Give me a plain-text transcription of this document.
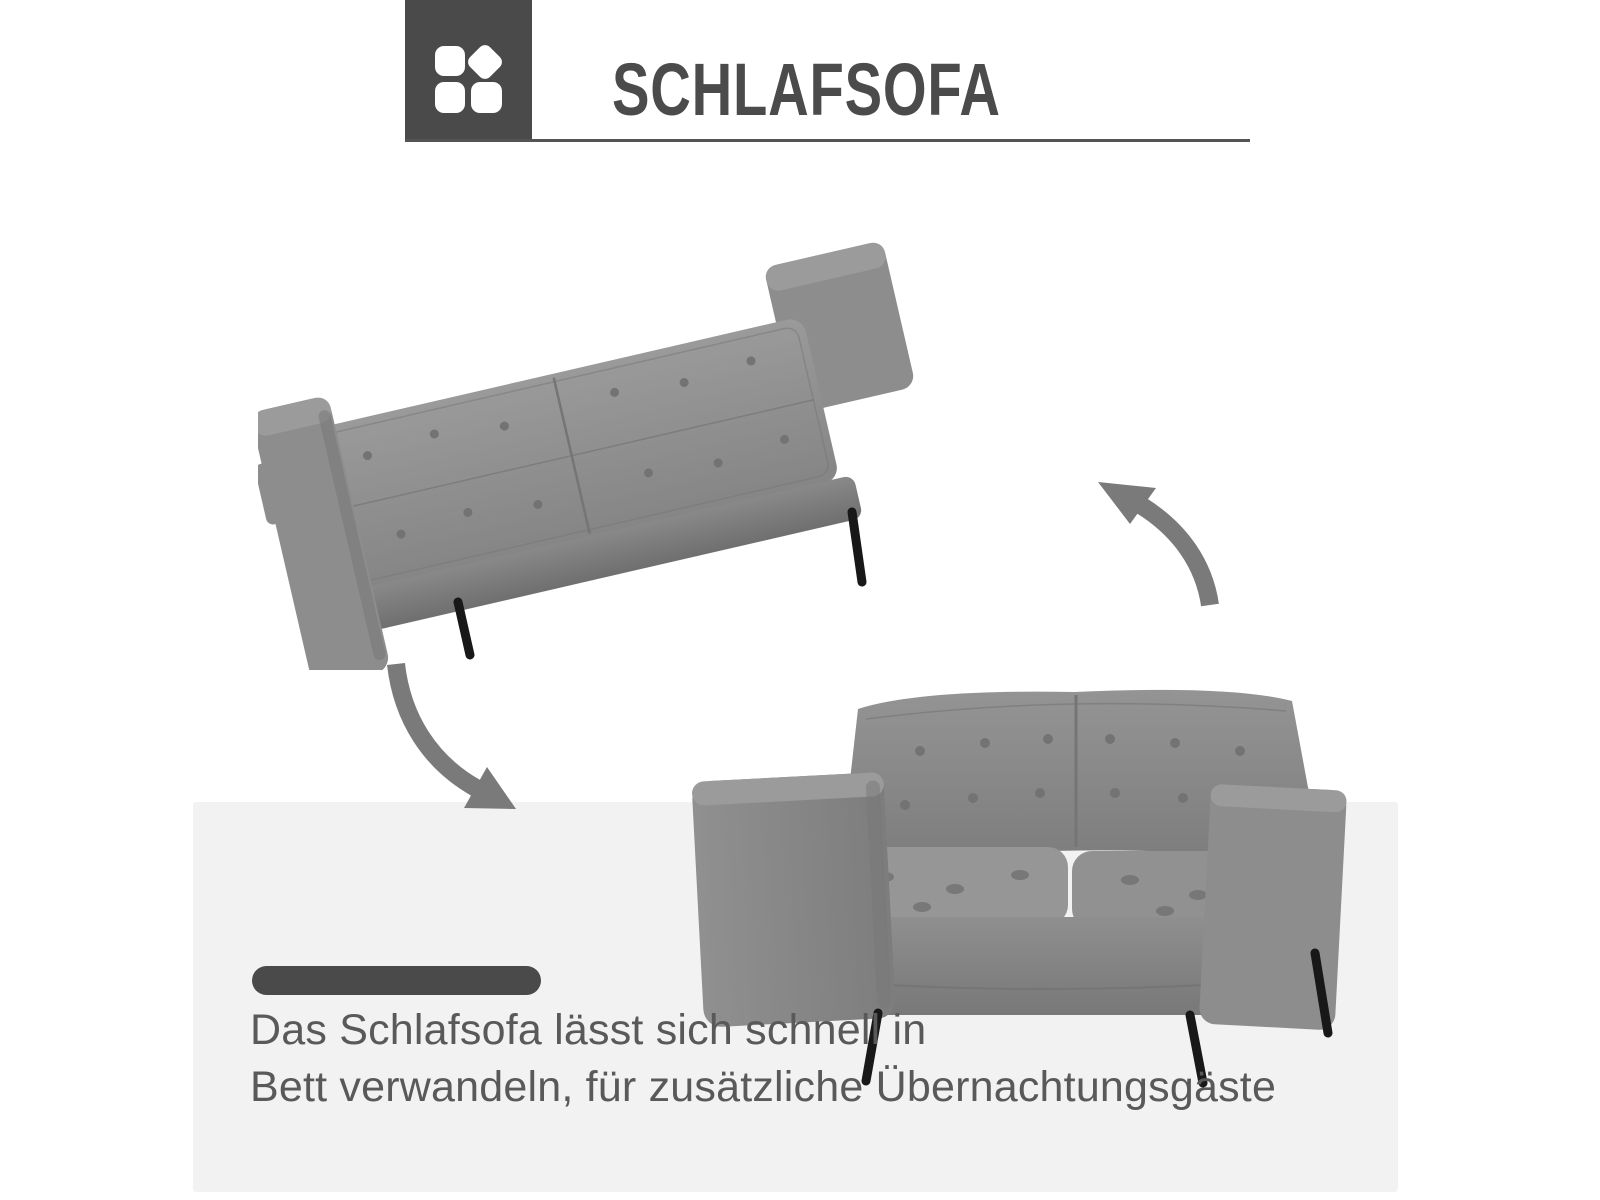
SCHLAFSOFA
Das Schlafsofa lässt sich schnell in
Bett verwandeln, für zusätzliche Übernachtungsgäste
